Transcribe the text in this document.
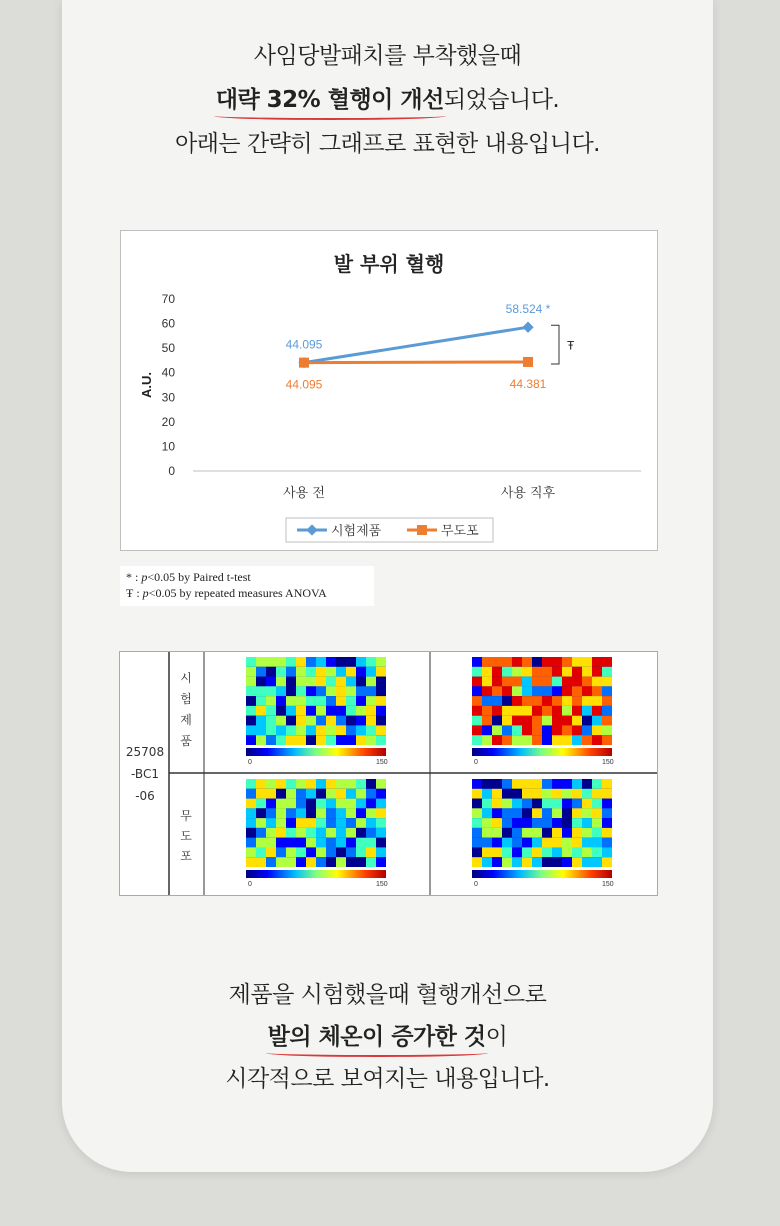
사임당발패치를 부착했을때
대략 32% 혈행이 개선
되었습니다.
아래는 간략히 그래프로 표현한 내용입니다.
발 부위 혈행
0
10
20
30
40
50
60
70
A.U.
사용 전	사용 직후
44.095
58.524 *
44.095	44.381
Ŧ
시험제품	무도포
* : p<0.05 by Paired t-test
Ŧ : p<0.05 by repeated measures ANOVA
25708
-BC1
-06
시
험
제
품
무
도
포
0	150	0	150
0	150	0	150
제품을 시험했을때 혈행개선으로
발의 체온이 증가한 것
이
시각적으로 보여지는 내용입니다.
